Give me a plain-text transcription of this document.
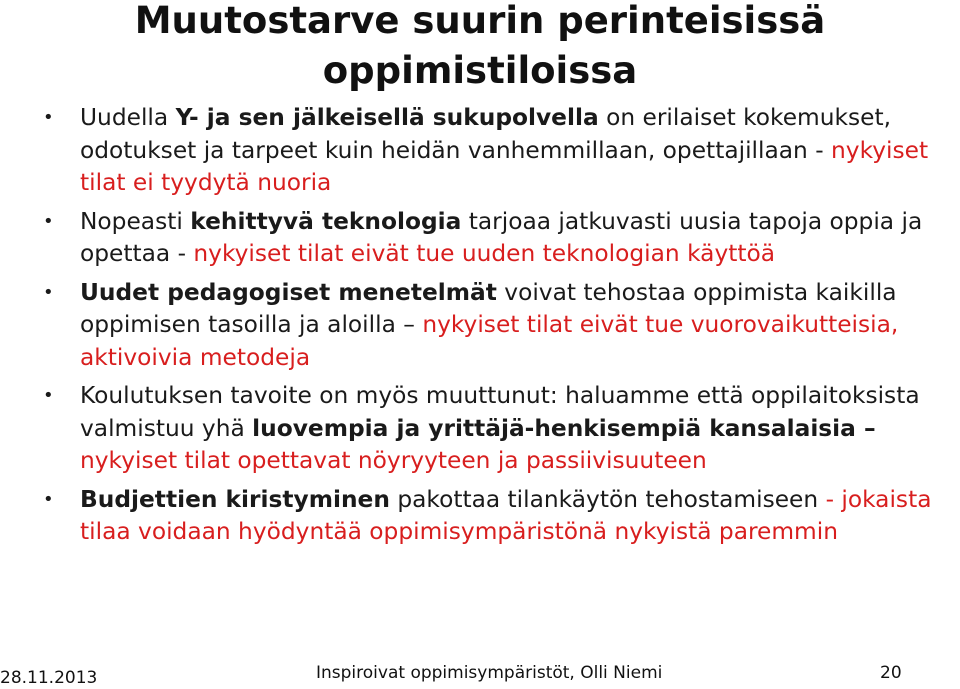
Muutostarve suurin perinteisissä
oppimistiloissa
• Uudella Y- ja sen jälkeisellä sukupolvella on erilaiset kokemukset, odotukset ja tarpeet kuin heidän vanhemmillaan, opettajillaan - nykyiset tilat ei tyydytä nuoria
• Nopeasti kehittyvä teknologia tarjoaa jatkuvasti uusia tapoja oppia ja opettaa - nykyiset tilat eivät tue uuden teknologian käyttöä
• Uudet pedagogiset menetelmät voivat tehostaa oppimista kaikilla oppimisen tasoilla ja aloilla – nykyiset tilat eivät tue vuorovaikutteisia, aktivoivia metodeja
• Koulutuksen tavoite on myös muuttunut: haluamme että oppilaitoksista valmistuu yhä luovempia ja yrittäjä-henkisempiä kansalaisia – nykyiset tilat opettavat nöyryyteen ja passiivisuuteen
• Budjettien kiristyminen pakottaa tilankäytön tehostamiseen - jokaista tilaa voidaan hyödyntää oppimisympäristönä nykyistä paremmin
28.11.2013	Inspiroivat oppimisympäristöt, Olli Niemi	20
